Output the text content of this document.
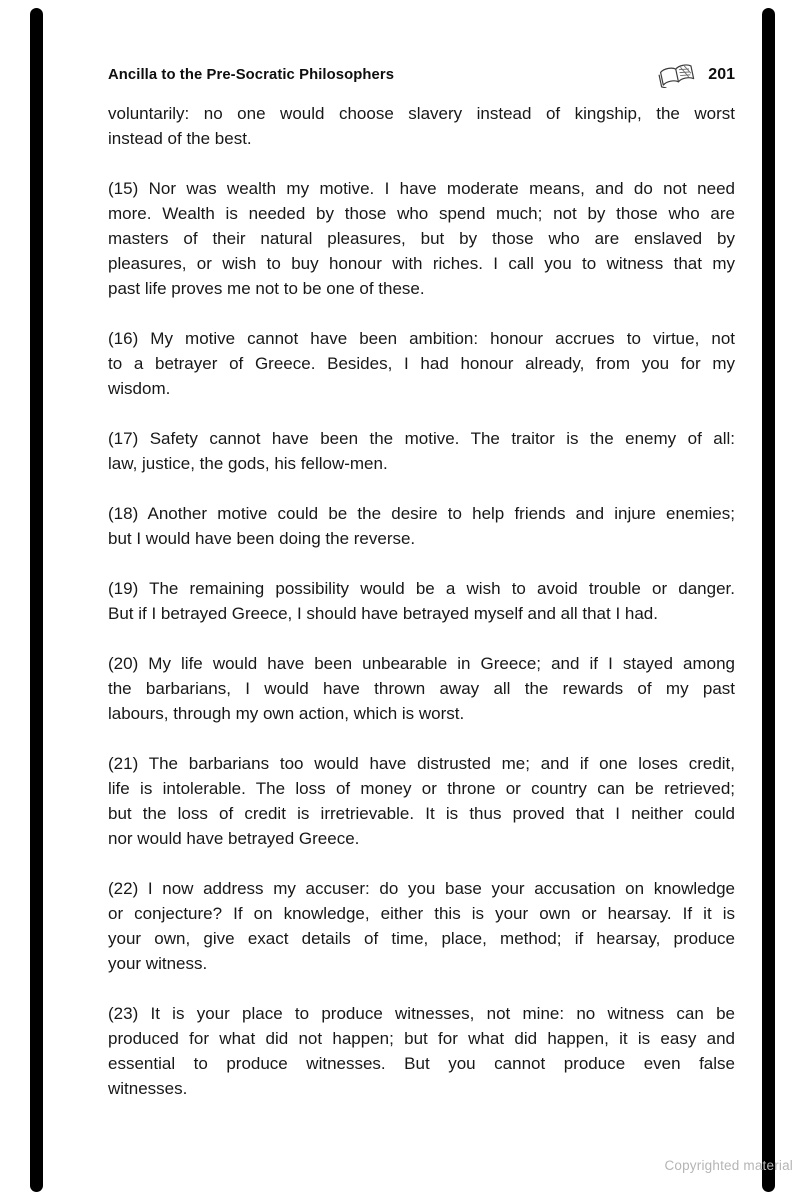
Ancilla to the Pre-Socratic Philosophers	201

voluntarily: no one would choose slavery instead of kingship, the worst
instead of the best.

(15) Nor was wealth my motive. I have moderate means, and do not need
more. Wealth is needed by those who spend much; not by those who are
masters of their natural pleasures, but by those who are enslaved by
pleasures, or wish to buy honour with riches. I call you to witness that my
past life proves me not to be one of these.

(16) My motive cannot have been ambition: honour accrues to virtue, not
to a betrayer of Greece. Besides, I had honour already, from you for my
wisdom.

(17) Safety cannot have been the motive. The traitor is the enemy of all:
law, justice, the gods, his fellow-men.

(18) Another motive could be the desire to help friends and injure enemies;
but I would have been doing the reverse.

(19) The remaining possibility would be a wish to avoid trouble or danger.
But if I betrayed Greece, I should have betrayed myself and all that I had.

(20) My life would have been unbearable in Greece; and if I stayed among
the barbarians, I would have thrown away all the rewards of my past
labours, through my own action, which is worst.

(21) The barbarians too would have distrusted me; and if one loses credit,
life is intolerable. The loss of money or throne or country can be retrieved;
but the loss of credit is irretrievable. It is thus proved that I neither could
nor would have betrayed Greece.

(22) I now address my accuser: do you base your accusation on knowledge
or conjecture? If on knowledge, either this is your own or hearsay. If it is
your own, give exact details of time, place, method; if hearsay, produce
your witness.

(23) It is your place to produce witnesses, not mine: no witness can be
produced for what did not happen; but for what did happen, it is easy and
essential to produce witnesses. But you cannot produce even false
witnesses.

Copyrighted material
